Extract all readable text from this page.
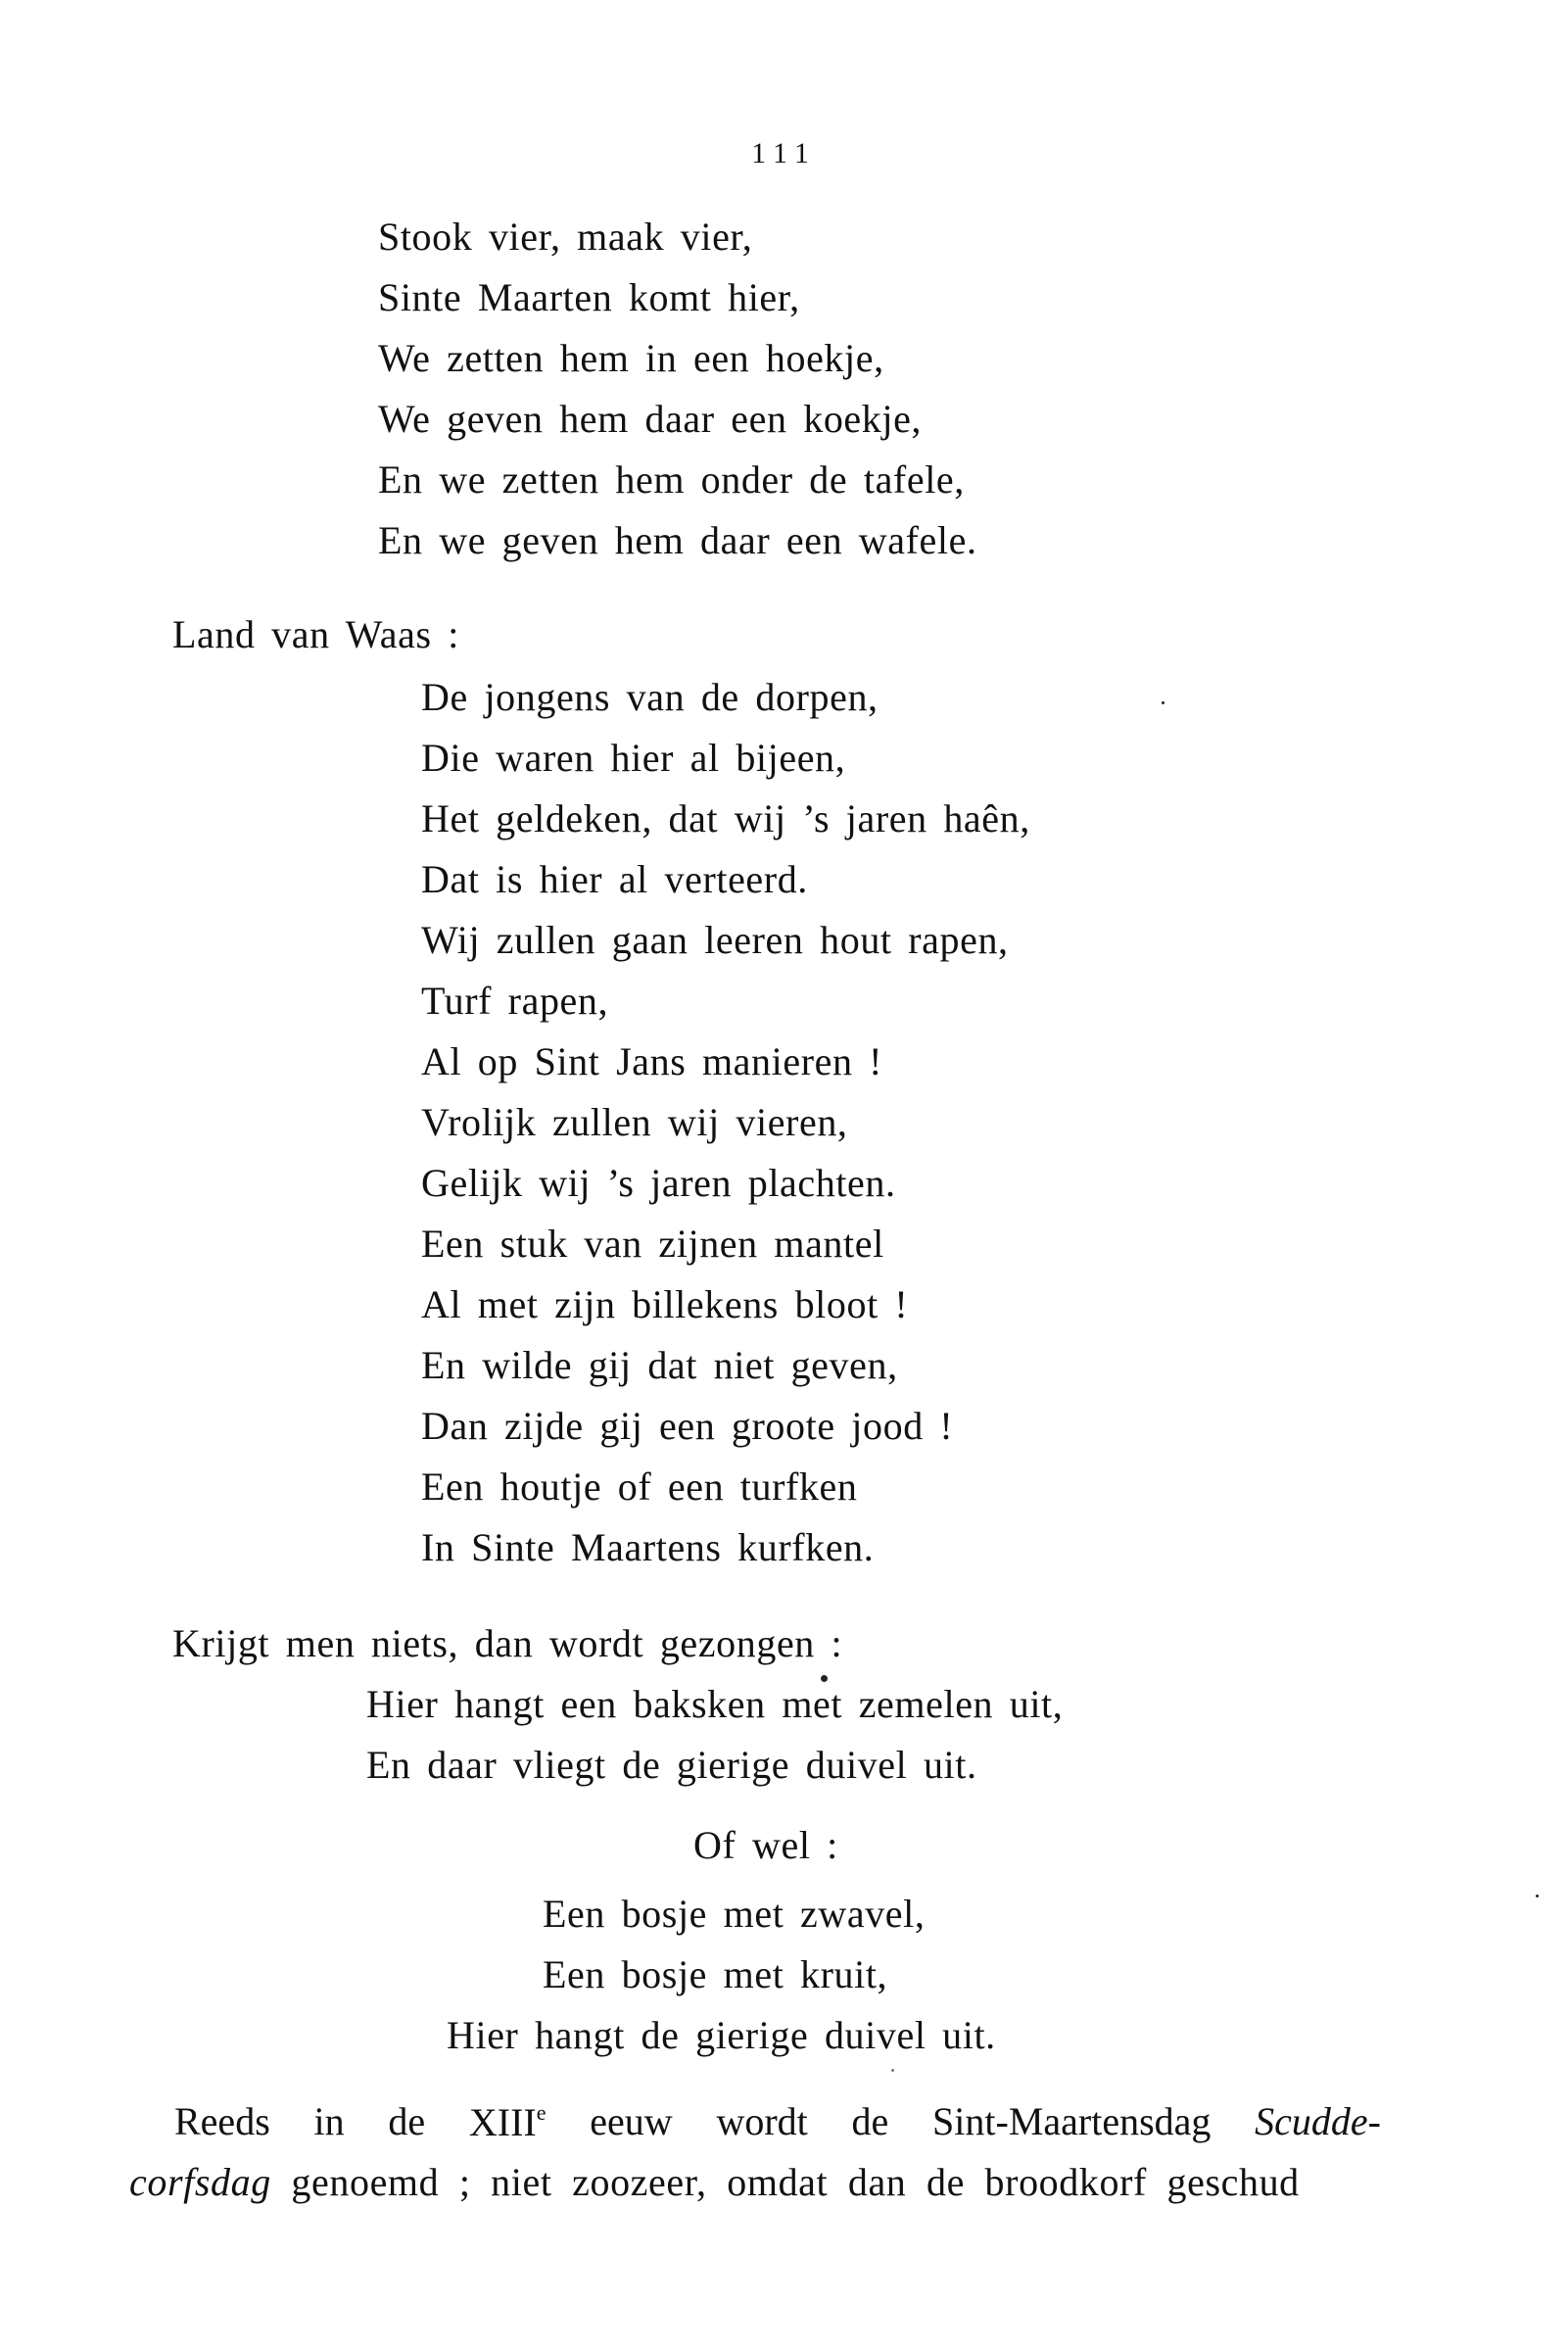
111
Stook vier, maak vier,
Sinte Maarten komt hier,
We zetten hem in een hoekje,
We geven hem daar een koekje,
En we zetten hem onder de tafele,
En we geven hem daar een wafele.
Land van Waas :
De jongens van de dorpen,
Die waren hier al bijeen,
Het geldeken, dat wij ’s jaren haên,
Dat is hier al verteerd.
Wij zullen gaan leeren hout rapen,
Turf rapen,
Al op Sint Jans manieren !
Vrolijk zullen wij vieren,
Gelijk wij ’s jaren plachten.
Een stuk van zijnen mantel
Al met zijn billekens bloot !
En wilde gij dat niet geven,
Dan zijde gij een groote jood !
Een houtje of een turfken
In Sinte Maartens kurfken.
Krijgt men niets, dan wordt gezongen :
Hier hangt een baksken met zemelen uit,
En daar vliegt de gierige duivel uit.
Of wel :
Een bosje met zwavel,
Een bosje met kruit,
Hier hangt de gierige duivel uit.
Reeds in de XIIIe eeuw wordt de Sint-Maartensdag Scudde-
corfsdag genoemd ; niet zoozeer, omdat dan de broodkorf geschud
